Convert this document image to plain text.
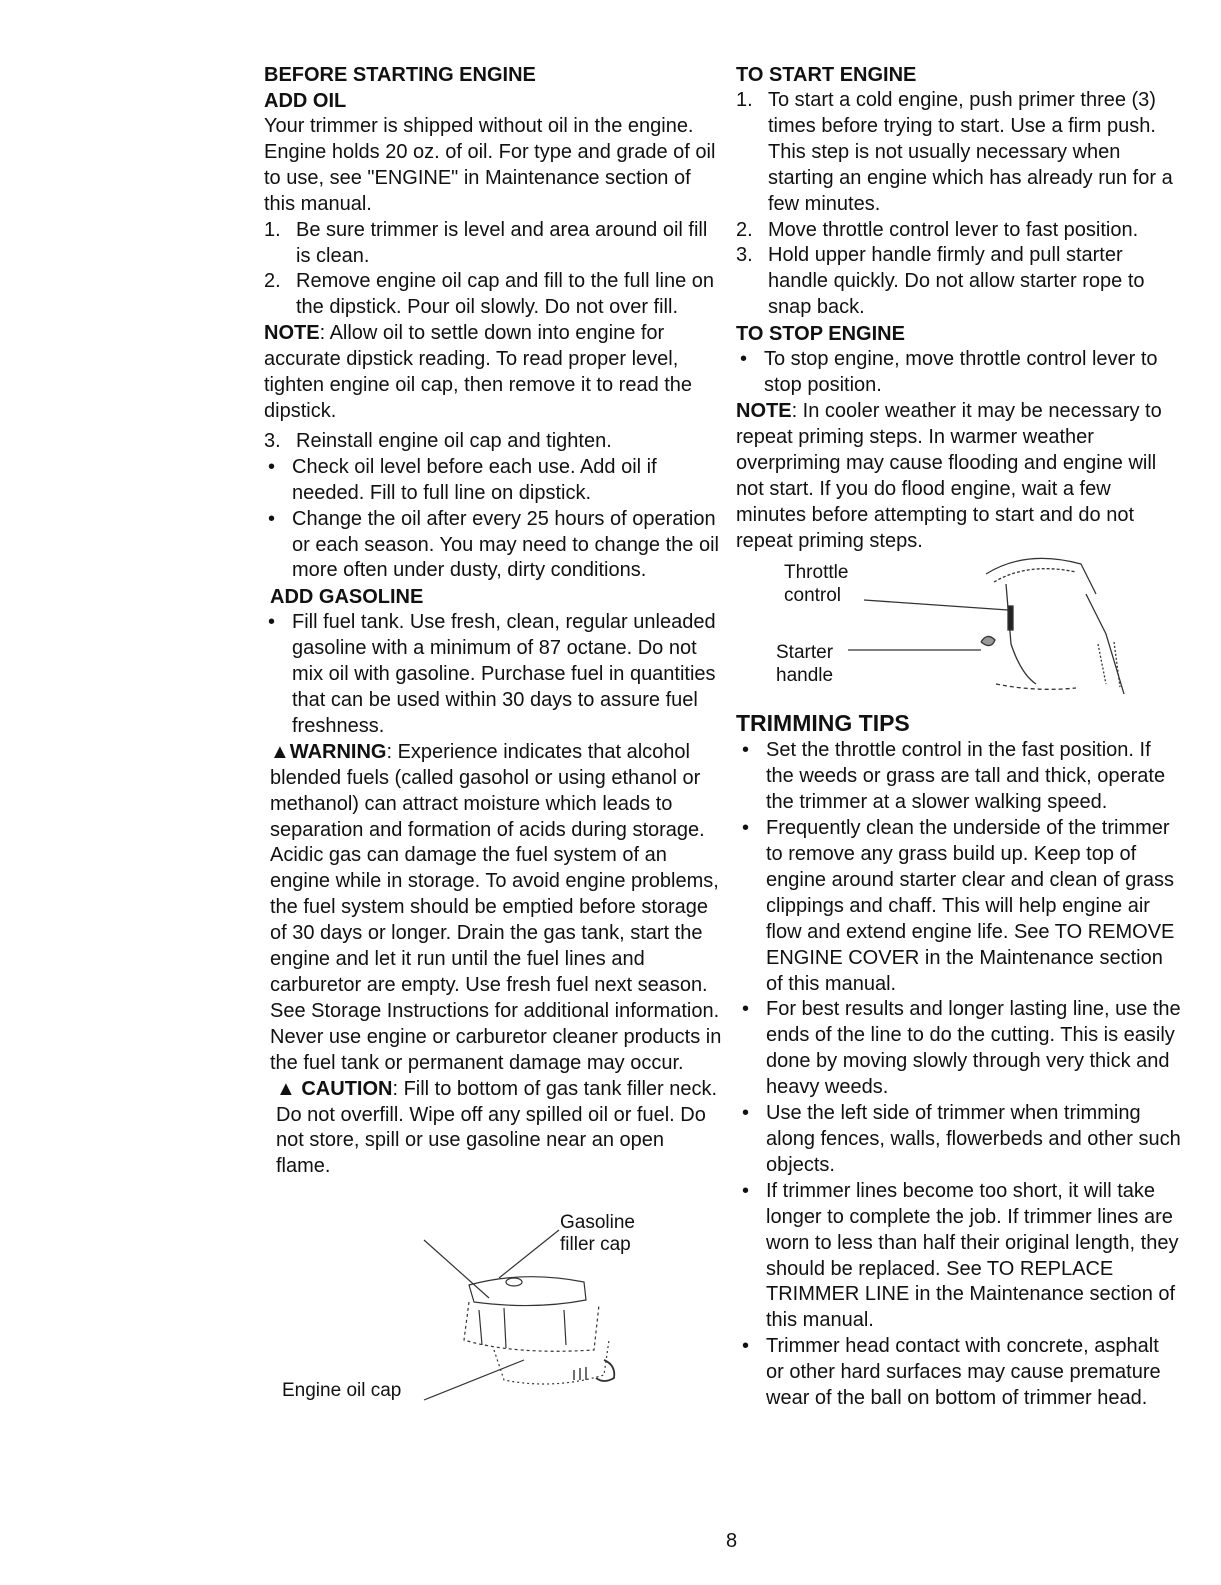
BEFORE STARTING ENGINE
ADD OIL

Your trimmer is shipped without oil in the engine. Engine holds 20 oz. of oil. For type and grade of oil to use, see "ENGINE" in Maintenance section of this manual.

1. Be sure trimmer is level and area around oil fill is clean.
2. Remove engine oil cap and fill to the full line on the dipstick. Pour oil slowly. Do not over fill.

NOTE: Allow oil to settle down into engine for accurate dipstick reading. To read proper level, tighten engine oil cap, then remove it to read the dipstick.

3. Reinstall engine oil cap and tighten.
• Check oil level before each use. Add oil if needed. Fill to full line on dipstick.
• Change the oil after every 25 hours of operation or each season. You may need to change the oil more often under dusty, dirty conditions.
ADD GASOLINE
• Fill fuel tank. Use fresh, clean, regular unleaded gasoline with a minimum of 87 octane. Do not mix oil with gasoline. Purchase fuel in quantities that can be used within 30 days to assure fuel freshness.

▲WARNING: Experience indicates that alcohol blended fuels (called gasohol or using ethanol or methanol) can attract moisture which leads to separation and formation of acids during storage. Acidic gas can damage the fuel system of an engine while in storage. To avoid engine problems, the fuel system should be emptied before storage of 30 days or longer. Drain the gas tank, start the engine and let it run until the fuel lines and carburetor are empty. Use fresh fuel next season. See Storage Instructions for additional information. Never use engine or carburetor cleaner products in the fuel tank or permanent damage may occur.

▲ CAUTION: Fill to bottom of gas tank filler neck. Do not overfill. Wipe off any spilled oil or fuel. Do not store, spill or use gasoline near an open flame.

Gasoline
filler cap
Engine oil cap
TO START ENGINE
1. To start a cold engine, push primer three (3) times before trying to start. Use a firm push. This step is not usually necessary when starting an engine which has already run for a few minutes.
2. Move throttle control lever to fast position.
3. Hold upper handle firmly and pull starter handle quickly. Do not allow starter rope to snap back.
TO STOP ENGINE
• To stop engine, move throttle control lever to stop position.

NOTE: In cooler weather it may be necessary to repeat priming steps. In warmer weather overpriming may cause flooding and engine will not start. If you do flood engine, wait a few minutes before attempting to start and do not repeat priming steps.

Throttle
control
Starter
handle
TRIMMING TIPS
• Set the throttle control in the fast position. If the weeds or grass are tall and thick, operate the trimmer at a slower walking speed.
• Frequently clean the underside of the trimmer to remove any grass build up. Keep top of engine around starter clear and clean of grass clippings and chaff. This will help engine air flow and extend engine life. See TO REMOVE ENGINE COVER in the Maintenance section of this manual.
• For best results and longer lasting line, use the ends of the line to do the cutting. This is easily done by moving slowly through very thick and heavy weeds.
• Use the left side of trimmer when trimming along fences, walls, flowerbeds and other such objects.
• If trimmer lines become too short, it will take longer to complete the job. If trimmer lines are worn to less than half their original length, they should be replaced. See TO REPLACE TRIMMER LINE in the Maintenance section of this manual.
• Trimmer head contact with concrete, asphalt or other hard surfaces may cause premature wear of the ball on bottom of trimmer head.
8
